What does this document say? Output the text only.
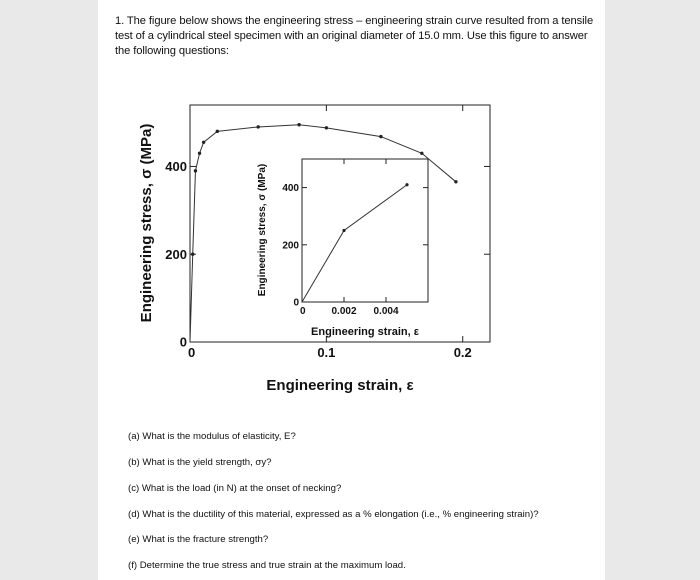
1. The figure below shows the engineering stress – engineering strain curve resulted from a tensile test of a cylindrical steel specimen with an original diameter of 15.0 mm. Use this figure to answer the following questions:
Engineering stress, σ (MPa)
Engineering strain, ε
0	0.1	0.2
0
200
400	Engineering stress, σ (MPa)
Engineering strain, ε
0	0.002 0.004
0
200
400
(a) What is the modulus of elasticity, E?
(b) What is the yield strength, σy?
(c) What is the load (in N) at the onset of necking?
(d) What is the ductility of this material, expressed as a % elongation (i.e., % engineering strain)?
(e) What is the fracture strength?
(f) Determine the true stress and true strain at the maximum load.
